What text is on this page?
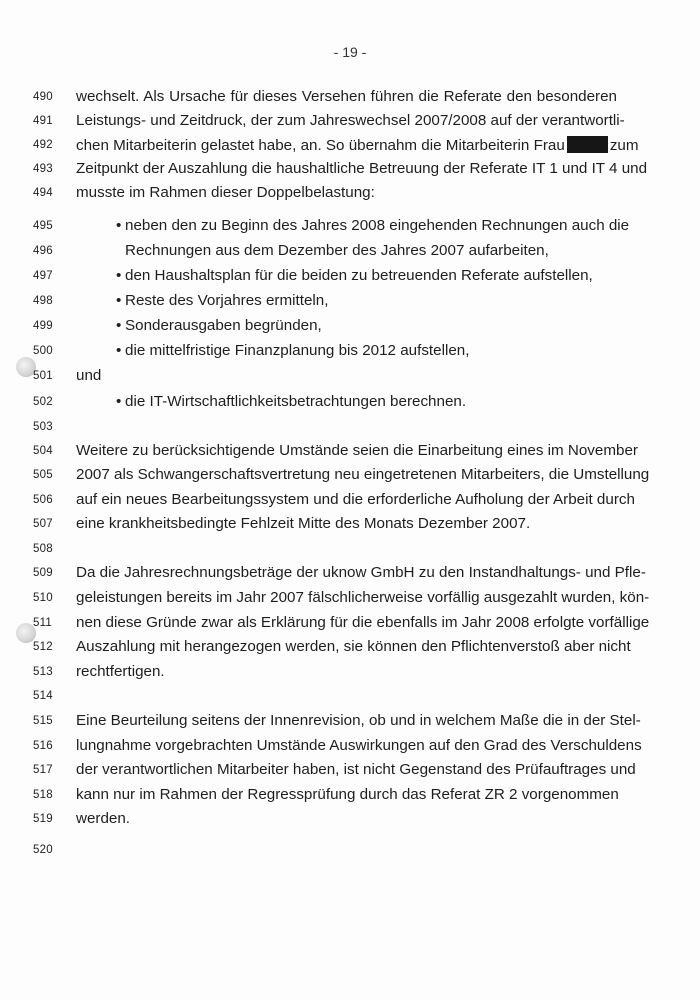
- 19 -
490
491
492
493
494
495
496
497
498
499
500
501
502
503
504
505
506
507
508
509
510
511
512
513
514
515
516
517
518
519
520
wechselt. Als Ursache für dieses Versehen führen die Referate den besonderen
Leistungs- und Zeitdruck, der zum Jahreswechsel 2007/2008 auf der verantwortli-
chen Mitarbeiterin gelastet habe, an. So übernahm die Mitarbeiterin Frau	zum
Zeitpunkt der Auszahlung die haushaltliche Betreuung der Referate IT 1 und IT 4 und
musste im Rahmen dieser Doppelbelastung:
• neben den zu Beginn des Jahres 2008 eingehenden Rechnungen auch die
Rechnungen aus dem Dezember des Jahres 2007 aufarbeiten,
• den Haushaltsplan für die beiden zu betreuenden Referate aufstellen,
• Reste des Vorjahres ermitteln,
• Sonderausgaben begründen,
• die mittelfristige Finanzplanung bis 2012 aufstellen,
und
• die IT-Wirtschaftlichkeitsbetrachtungen berechnen.
Weitere zu berücksichtigende Umstände seien die Einarbeitung eines im November
2007 als Schwangerschaftsvertretung neu eingetretenen Mitarbeiters, die Umstellung
auf ein neues Bearbeitungssystem und die erforderliche Aufholung der Arbeit durch
eine krankheitsbedingte Fehlzeit Mitte des Monats Dezember 2007.
Da die Jahresrechnungsbeträge der uknow GmbH zu den Instandhaltungs- und Pfle-
geleistungen bereits im Jahr 2007 fälschlicherweise vorfällig ausgezahlt wurden, kön-
nen diese Gründe zwar als Erklärung für die ebenfalls im Jahr 2008 erfolgte vorfällige
Auszahlung mit herangezogen werden, sie können den Pflichtenverstoß aber nicht
rechtfertigen.
Eine Beurteilung seitens der Innenrevision, ob und in welchem Maße die in der Stel-
lungnahme vorgebrachten Umstände Auswirkungen auf den Grad des Verschuldens
der verantwortlichen Mitarbeiter haben, ist nicht Gegenstand des Prüfauftrages und
kann nur im Rahmen der Regressprüfung durch das Referat ZR 2 vorgenommen
werden.
